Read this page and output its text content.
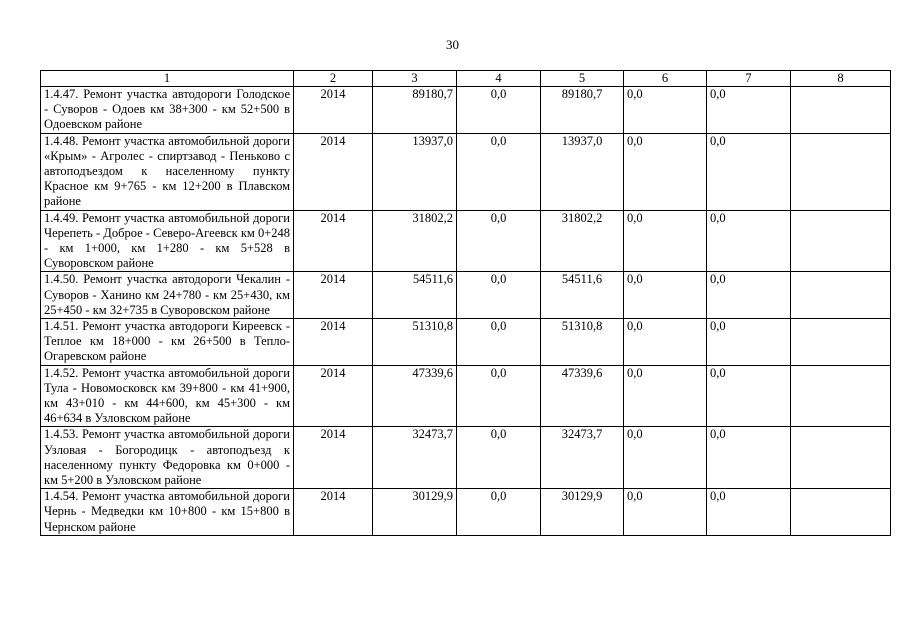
30
1	2	3	4	5	6	7	8
1.4.47. Ремонт участка автодороги Голодское - Суворов - Одоев км 38+300 - км 52+500 в Одоевском районе	2014	89180,7	0,0	89180,7	0,0	0,0	
1.4.48. Ремонт участка автомобильной дороги «Крым» - Агролес - спиртзавод - Пеньково с автоподъездом к населенному пункту Красное км 9+765 - км 12+200 в Плавском районе	2014	13937,0	0,0	13937,0	0,0	0,0	
1.4.49. Ремонт участка автомобильной дороги Черепеть - Доброе - Северо-Агеевск км 0+248 - км 1+000, км 1+280 - км 5+528 в Суворовском районе	2014	31802,2	0,0	31802,2	0,0	0,0	
1.4.50. Ремонт участка автодороги Чекалин - Суворов - Ханино км 24+780 - км 25+430, км 25+450 - км 32+735 в Суворовском районе	2014	54511,6	0,0	54511,6	0,0	0,0	
1.4.51. Ремонт участка автодороги Киреевск - Теплое км 18+000 - км 26+500 в Тепло-Огаревском районе	2014	51310,8	0,0	51310,8	0,0	0,0	
1.4.52. Ремонт участка автомобильной дороги Тула - Новомосковск км 39+800 - км 41+900, км 43+010 - км 44+600, км 45+300 - км 46+634 в Узловском районе	2014	47339,6	0,0	47339,6	0,0	0,0	
1.4.53. Ремонт участка автомобильной дороги Узловая - Богородицк - автоподъезд к населенному пункту Федоровка км 0+000 - км 5+200 в Узловском районе	2014	32473,7	0,0	32473,7	0,0	0,0	
1.4.54. Ремонт участка автомобильной дороги Чернь - Медведки км 10+800 - км 15+800 в Чернском районе	2014	30129,9	0,0	30129,9	0,0	0,0	
